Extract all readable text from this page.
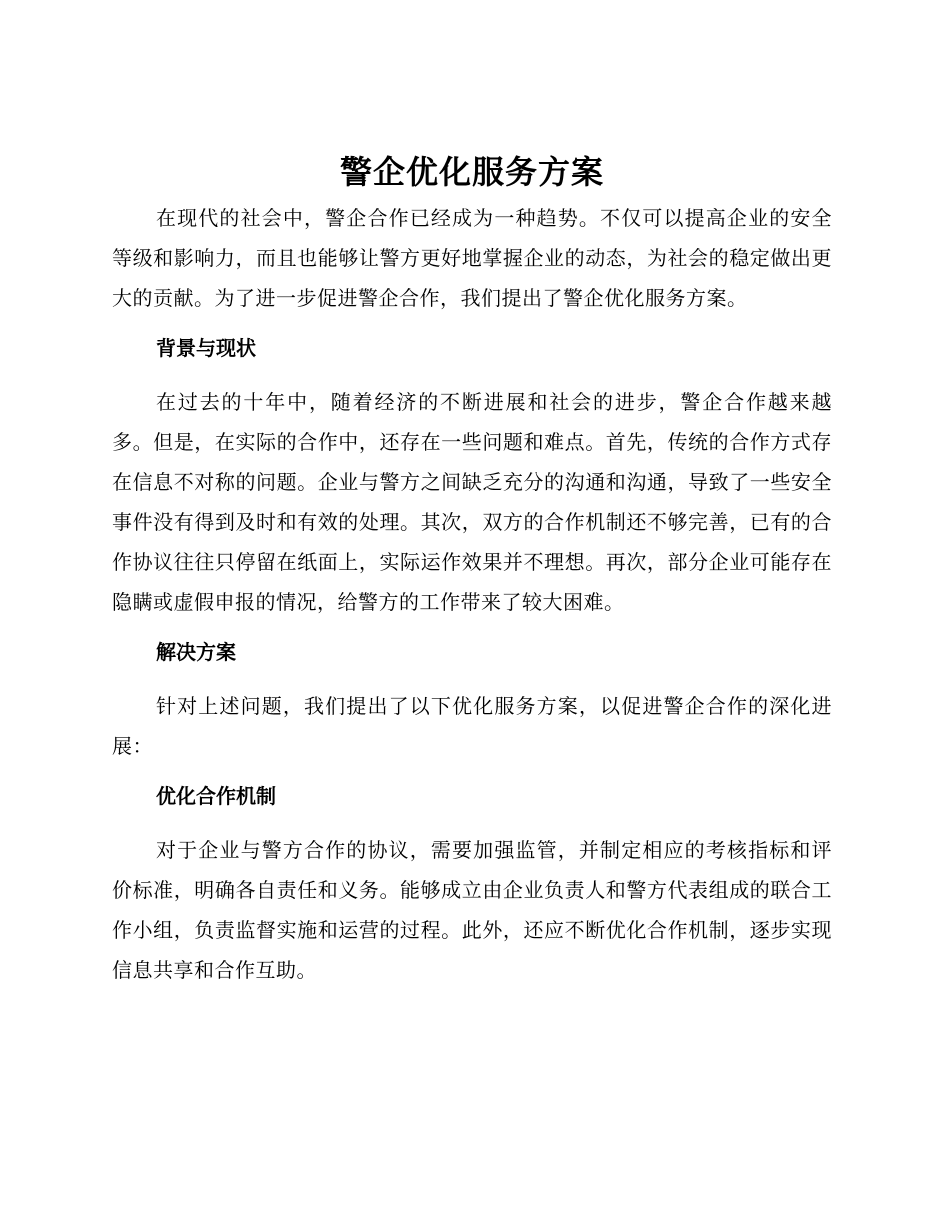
警企优化服务方案

在现代的社会中，警企合作已经成为一种趋势。不仅可以提高企业的安全等级和影响力，而且也能够让警方更好地掌握企业的动态，为社会的稳定做出更大的贡献。为了进一步促进警企合作，我们提出了警企优化服务方案。

背景与现状

在过去的十年中，随着经济的不断进展和社会的进步，警企合作越来越多。但是，在实际的合作中，还存在一些问题和难点。首先，传统的合作方式存在信息不对称的问题。企业与警方之间缺乏充分的沟通和沟通，导致了一些安全事件没有得到及时和有效的处理。其次，双方的合作机制还不够完善，已有的合作协议往往只停留在纸面上，实际运作效果并不理想。再次，部分企业可能存在隐瞒或虚假申报的情况，给警方的工作带来了较大困难。

解决方案

针对上述问题，我们提出了以下优化服务方案，以促进警企合作的深化进展：

优化合作机制

对于企业与警方合作的协议，需要加强监管，并制定相应的考核指标和评价标准，明确各自责任和义务。能够成立由企业负责人和警方代表组成的联合工作小组，负责监督实施和运营的过程。此外，还应不断优化合作机制，逐步实现信息共享和合作互助。
